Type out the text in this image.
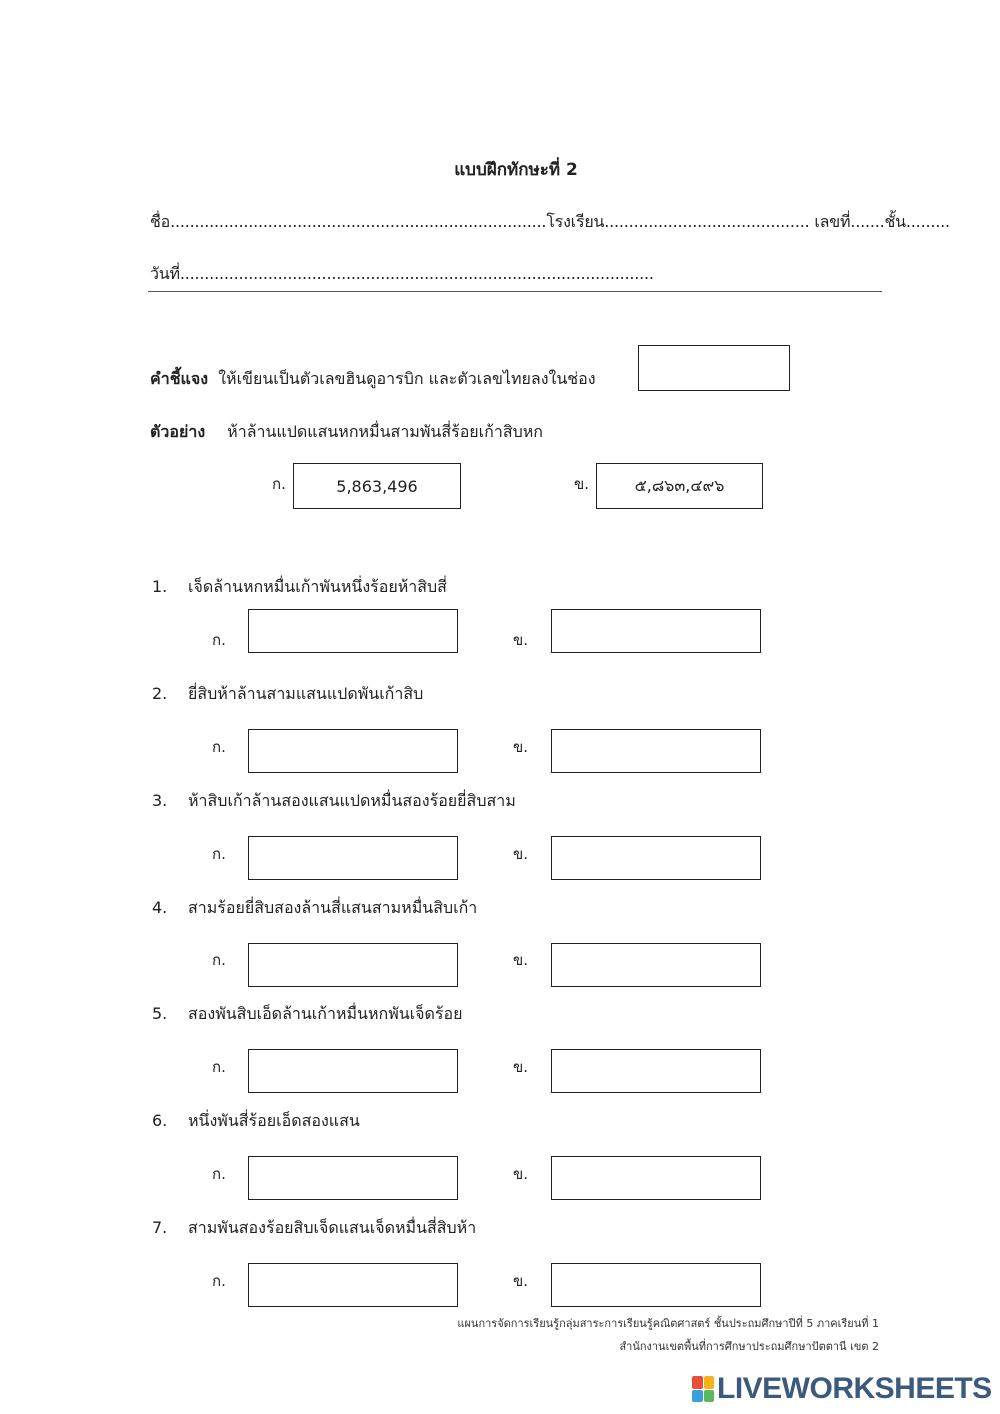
แบบฝึกทักษะที่ 2
ชื่อ.............................................................................โรงเรียน.......................................... เลขที่.......ชั้น.........
วันที่.................................................................................................
คำชี้แจง ให้เขียนเป็นตัวเลขฮินดูอารบิก และตัวเลขไทยลงในช่อง
ตัวอย่าง ห้าล้านแปดแสนหกหมื่นสามพันสี่ร้อยเก้าสิบหก
ก.	5,863,496	ข.	๕,๘๖๓,๔๙๖
1. เจ็ดล้านหกหมื่นเก้าพันหนึ่งร้อยห้าสิบสี่
ก.	ข.
2. ยี่สิบห้าล้านสามแสนแปดพันเก้าสิบ
ก.	ข.
3. ห้าสิบเก้าล้านสองแสนแปดหมื่นสองร้อยยี่สิบสาม
ก.	ข.
4. สามร้อยยี่สิบสองล้านสี่แสนสามหมื่นสิบเก้า
ก.	ข.
5. สองพันสิบเอ็ดล้านเก้าหมื่นหกพันเจ็ดร้อย
ก.	ข.
6. หนึ่งพันสี่ร้อยเอ็ดสองแสน
ก.	ข.
7. สามพันสองร้อยสิบเจ็ดแสนเจ็ดหมื่นสี่สิบห้า
ก.	ข.
แผนการจัดการเรียนรู้กลุ่มสาระการเรียนรู้คณิตศาสตร์ ชั้นประถมศึกษาปีที่ 5 ภาคเรียนที่ 1
สำนักงานเขตพื้นที่การศึกษาประถมศึกษาปัตตานี เขต 2
LIVEWORKSHEETS
